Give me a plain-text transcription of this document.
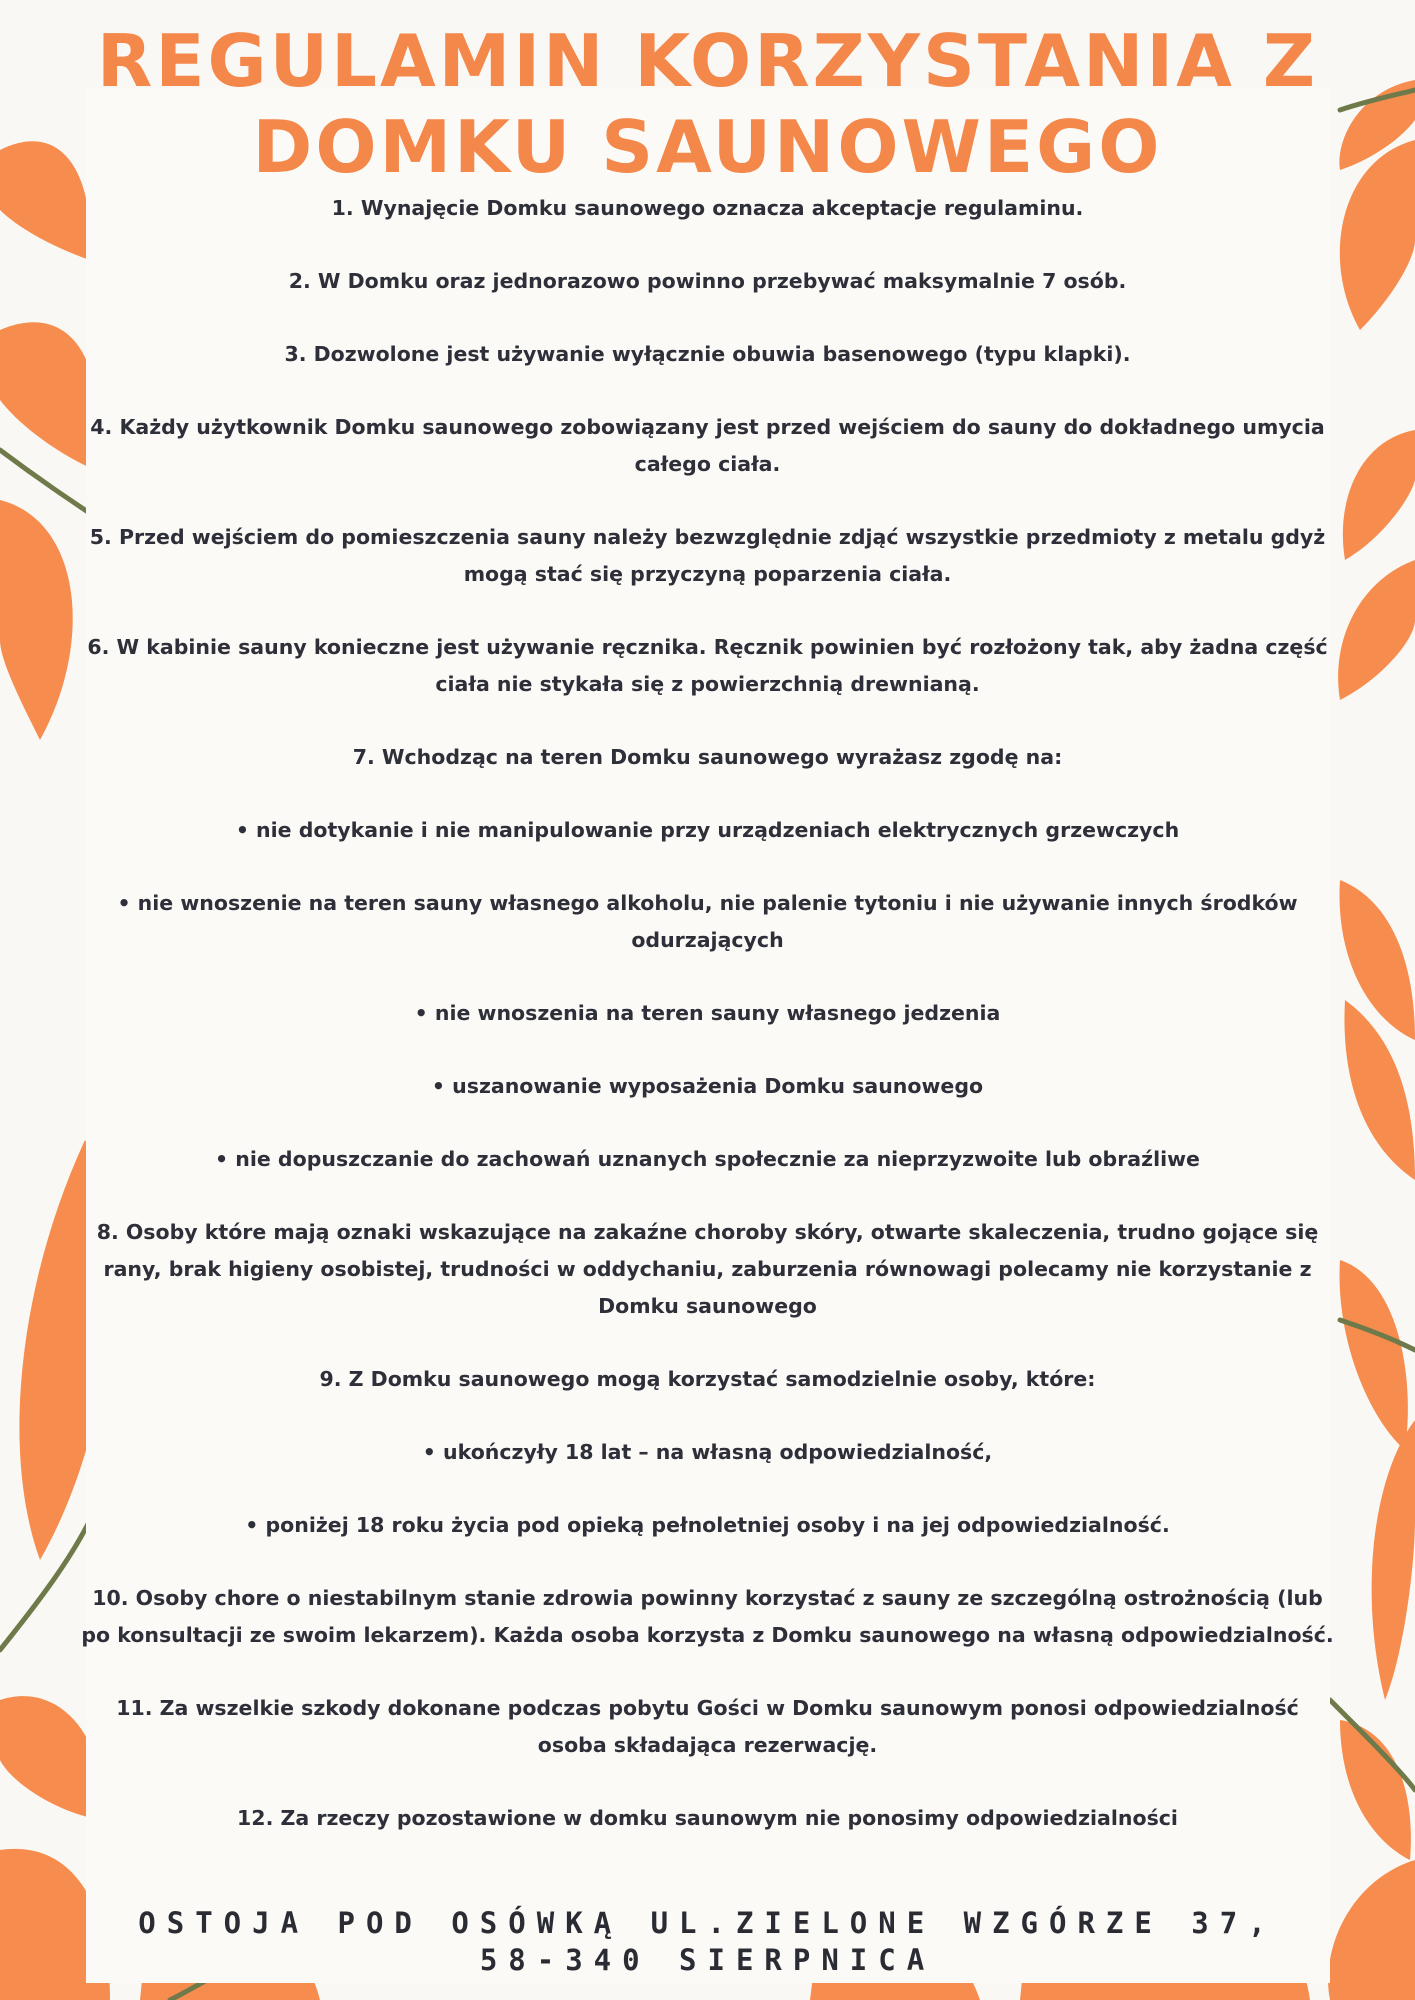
REGULAMIN KORZYSTANIA Z
DOMKU SAUNOWEGO

1. Wynajęcie Domku saunowego oznacza akceptacje regulaminu.

2. W Domku oraz jednorazowo powinno przebywać maksymalnie 7 osób.

3. Dozwolone jest używanie wyłącznie obuwia basenowego (typu klapki).

4. Każdy użytkownik Domku saunowego zobowiązany jest przed wejściem do sauny do dokładnego umycia całego ciała.

5. Przed wejściem do pomieszczenia sauny należy bezwzględnie zdjąć wszystkie przedmioty z metalu gdyż mogą stać się przyczyną poparzenia ciała.

6. W kabinie sauny konieczne jest używanie ręcznika. Ręcznik powinien być rozłożony tak, aby żadna część ciała nie stykała się z powierzchnią drewnianą.

7. Wchodząc na teren Domku saunowego wyrażasz zgodę na:

• nie dotykanie i nie manipulowanie przy urządzeniach elektrycznych grzewczych

• nie wnoszenie na teren sauny własnego alkoholu, nie palenie tytoniu i nie używanie innych środków odurzających

• nie wnoszenia na teren sauny własnego jedzenia

• uszanowanie wyposażenia Domku saunowego

• nie dopuszczanie do zachowań uznanych społecznie za nieprzyzwoite lub obraźliwe

8. Osoby które mają oznaki wskazujące na zakaźne choroby skóry, otwarte skaleczenia, trudno gojące się rany, brak higieny osobistej, trudności w oddychaniu, zaburzenia równowagi polecamy nie korzystanie z Domku saunowego

9. Z Domku saunowego mogą korzystać samodzielnie osoby, które:

• ukończyły 18 lat – na własną odpowiedzialność,

• poniżej 18 roku życia pod opieką pełnoletniej osoby i na jej odpowiedzialność.

10. Osoby chore o niestabilnym stanie zdrowia powinny korzystać z sauny ze szczególną ostrożnością (lub po konsultacji ze swoim lekarzem). Każda osoba korzysta z Domku saunowego na własną odpowiedzialność.

11. Za wszelkie szkody dokonane podczas pobytu Gości w Domku saunowym ponosi odpowiedzialność osoba składająca rezerwację.

12. Za rzeczy pozostawione w domku saunowym nie ponosimy odpowiedzialności

OSTOJA POD OSÓWKĄ UL.ZIELONE WZGÓRZE 37,
58-340 SIERPNICA
